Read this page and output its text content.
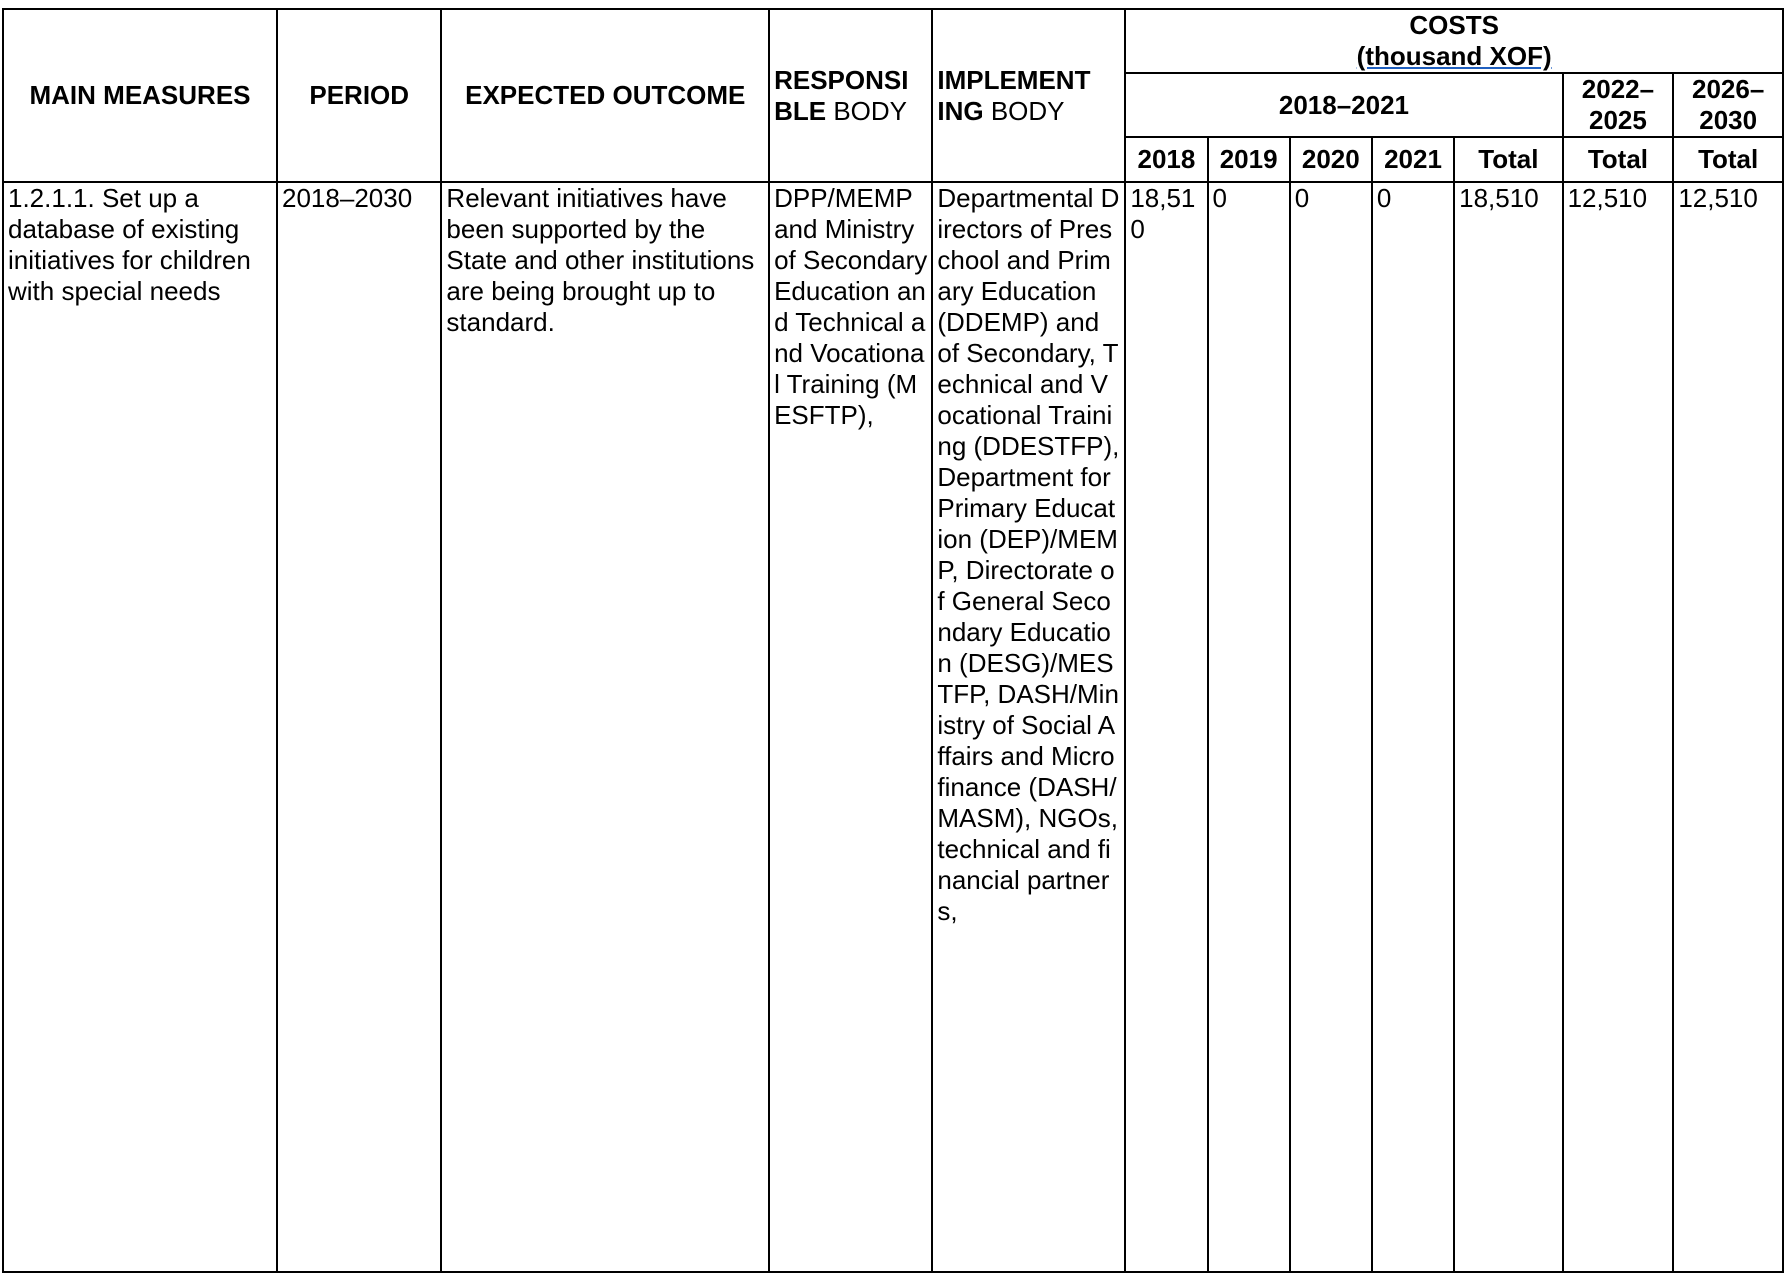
MAIN MEASURES	PERIOD	EXPECTED OUTCOME	RESPONSI BLE BODY	IMPLEMENT ING BODY	COSTS
(thousand XOF)						

					2018–2021					2022–2025	2026–2030
					2018	2019	2020	2021	Total	Total	Total
1.2.1.1. Set up a database of existing initiatives for children with special needs	2018–2030	Relevant initiatives have been supported by the State and other institutions are being brought up to standard.	DPP/MEMP and Ministry of Secondary Education and Technical and Vocational Training (MESFTP),	Departmental Directors of Preschool and Primary Education (DDEMP) and of Secondary, Technical and Vocational Training (DDESTFP), Department for Primary Education (DEP)/MEMP, Directorate of General Secondary Education (DESG)/MESTFP, DASH/Ministry of Social Affairs and Microfinance (DASH/MASM), NGOs, technical and financial partners,	18,510	0	0	0	18,510	12,510	12,510
